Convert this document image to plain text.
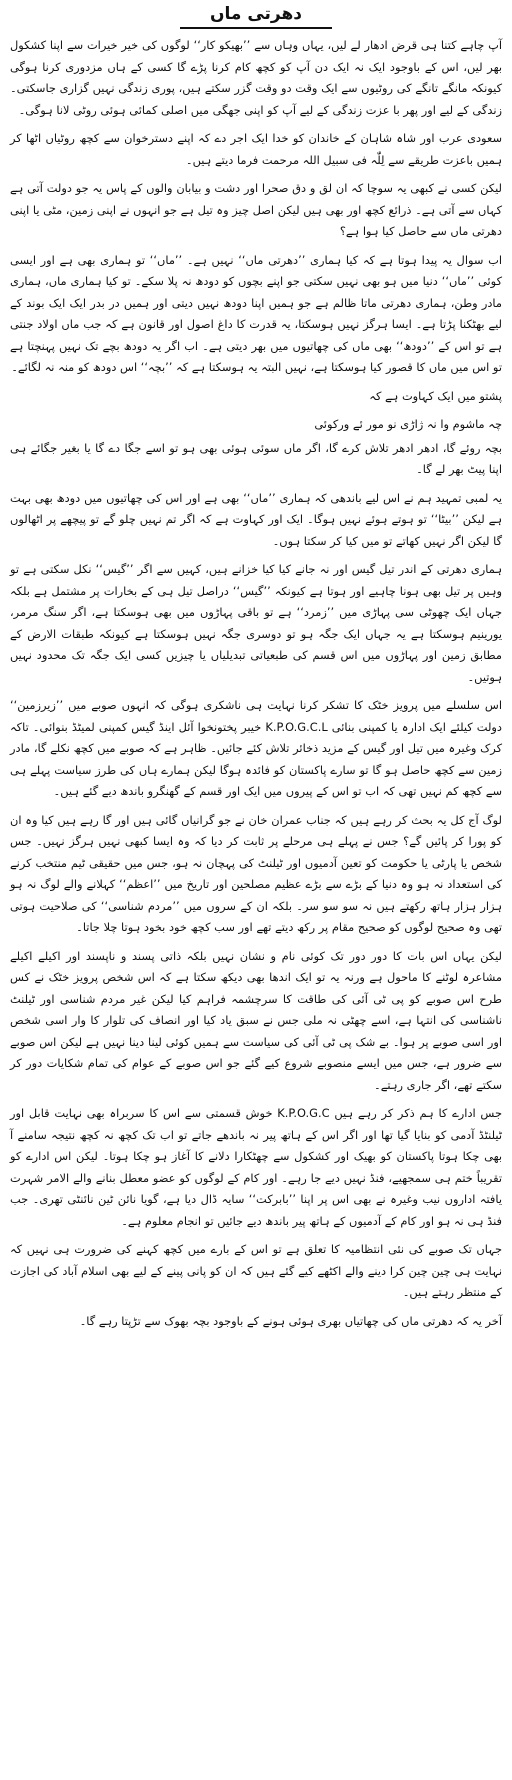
دھرتی ماں

آپ چاہے کتنا ہی قرض ادھار لے لیں، یہاں وہاں سے ’’بھیکو کار‘‘ لوگوں کی خیر خیرات سے اپنا کشکول بھر لیں، اس کے باوجود ایک نہ ایک دن آپ کو کچھ کام کرنا پڑے گا کسی کے ہاں مزدوری کرنا ہوگی کیونکہ مانگے تانگے کی روٹیوں سے ایک وقت دو وقت گزر سکتے ہیں، پوری زندگی نہیں گزاری جاسکتی۔ زندگی کے لیے اور پھر با عزت زندگی کے لیے آپ کو اپنی جھگی میں اصلی کمائی ہوئی روٹی لانا ہوگی۔

سعودی عرب اور شاہ شاہان کے خاندان کو خدا ایک اجر دے کہ اپنے دسترخوان سے کچھ روٹیاں اٹھا کر ہمیں باعزت طریقے سے لِلّٰہ فی سبیل اللہ مرحمت فرما دیتے ہیں۔

لیکن کسی نے کبھی یہ سوچا کہ ان لق و دق صحرا اور دشت و بیابان والوں کے پاس یہ جو دولت آتی ہے کہاں سے آتی ہے۔ ذرائع کچھ اور بھی ہیں لیکن اصل چیز وہ تیل ہے جو انہوں نے اپنی زمین، مٹی یا اپنی دھرتی ماں سے حاصل کیا ہوا ہے؟

اب سوال یہ پیدا ہوتا ہے کہ کیا ہماری ’’دھرتی ماں‘‘ نہیں ہے۔ ’’ماں‘‘ تو ہماری بھی ہے اور ایسی کوئی ’’ماں‘‘ دنیا میں ہو بھی نہیں سکتی جو اپنے بچوں کو دودھ نہ پلا سکے۔ تو کیا ہماری ماں، ہماری مادر وطن، ہماری دھرتی ماتا ظالم ہے جو ہمیں اپنا دودھ نہیں دیتی اور ہمیں در بدر ایک ایک بوند کے لیے بھٹکنا پڑتا ہے۔ ایسا ہرگز نہیں ہوسکتا، یہ قدرت کا داغ اصول اور قانون ہے کہ جب ماں اولاد جنتی ہے تو اس کے ’’دودھ‘‘ بھی ماں کی چھاتیوں میں بھر دیتی ہے۔ اب اگر یہ دودھ بچے تک نہیں پہنچتا ہے تو اس میں ماں کا قصور کیا ہوسکتا ہے، نہیں البتہ یہ ہوسکتا ہے کہ ’’بچہ‘‘ اس دودھ کو منہ نہ لگائے۔

پشتو میں ایک کہاوت ہے کہ

چہ ماشوم وا نہ ژاڑی نو مور ئے ورکوئی

بچہ روئے گا، ادھر ادھر تلاش کرے گا، اگر ماں سوئی ہوئی بھی ہو تو اسے جگا دے گا یا بغیر جگائے ہی اپنا پیٹ بھر لے گا۔

یہ لمبی تمہید ہم نے اس لیے باندھی کہ ہماری ’’ماں‘‘ بھی ہے اور اس کی چھاتیوں میں دودھ بھی بہت ہے لیکن ’’بیٹا‘‘ تو ہوتے ہوئے نہیں ہوگا۔ ایک اور کہاوت ہے کہ اگر تم نہیں چلو گے تو پیچھے پر اٹھالوں گا لیکن اگر نہیں کھاتے تو میں کیا کر سکتا ہوں۔

ہماری دھرتی کے اندر تیل گیس اور نہ جانے کیا کیا خزانے ہیں، کہیں سے اگر ’’گیس‘‘ نکل سکتی ہے تو وہیں پر تیل بھی ہونا چاہیے اور ہوتا ہے کیونکہ ’’گیس‘‘ دراصل تیل ہی کے بخارات پر مشتمل ہے بلکہ جہاں ایک چھوٹی سی پہاڑی میں ’’زمرد‘‘ ہے تو باقی پہاڑوں میں بھی ہوسکتا ہے، اگر سنگ مرمر، یورینیم ہوسکتا ہے یہ جہاں ایک جگہ ہو تو دوسری جگہ نہیں ہوسکتا ہے کیونکہ طبقات الارض کے مطابق زمین اور پہاڑوں میں اس قسم کی طبعیاتی تبدیلیاں یا چیزیں کسی ایک جگہ تک محدود نہیں ہوتیں۔

اس سلسلے میں پرویز خٹک کا تشکر کرنا نہایت ہی ناشکری ہوگی کہ انہوں صوبے میں ’’زیرزمین‘‘ دولت کیلئے ایک ادارہ یا کمپنی بنائی K.P.O.G.C.L خیبر پختونخوا آئل اینڈ گیس کمپنی لمیٹڈ بنوائی۔ تاکہ کرک وغیرہ میں تیل اور گیس کے مزید ذخائر تلاش کئے جائیں۔ ظاہر ہے کہ صوبے میں کچھ نکلے گا، مادر زمین سے کچھ حاصل ہو گا تو سارے پاکستان کو فائدہ ہوگا لیکن ہمارے ہاں کی طرز سیاست پہلے ہی سے کچھ کم نہیں تھی کہ اب تو اس کے پیروں میں ایک اور قسم کے گھنگرو باندھ دیے گئے ہیں۔

لوگ آج کل یہ بحث کر رہے ہیں کہ جناب عمران خان نے جو گرانیاں گائی ہیں اور گا رہے ہیں کیا وہ ان کو پورا کر پائیں گے؟ جس نے پہلے ہی مرحلے پر ثابت کر دیا کہ وہ ایسا کبھی نہیں ہرگز نہیں۔ جس شخص یا پارٹی یا حکومت کو تعین آدمیوں اور ٹیلنٹ کی پہچان نہ ہو، جس میں حقیقی ٹیم منتخب کرنے کی استعداد نہ ہو وہ دنیا کے بڑے سے بڑے عظیم مصلحین اور تاریخ میں ’’اعظم‘‘ کہلانے والے لوگ نہ ہو ہزار ہزار ہاتھ رکھتے ہیں نہ سو سو سر۔ بلکہ ان کے سروں میں ’’مردم شناسی‘‘ کی صلاحیت ہوتی تھی وہ صحیح لوگوں کو صحیح مقام پر رکھ دیتے تھے اور سب کچھ خود بخود ہوتا چلا جاتا۔

لیکن یہاں اس بات کا دور دور تک کوئی نام و نشان نہیں بلکہ ذاتی پسند و ناپسند اور اکیلے اکیلے مشاعرہ لوٹنے کا ماحول ہے ورنہ یہ تو ایک اندھا بھی دیکھ سکتا ہے کہ اس شخص پرویز خٹک نے کس طرح اس صوبے کو پی ٹی آئی کی طاقت کا سرچشمہ فراہم کیا لیکن غیر مردم شناسی اور ٹیلنٹ ناشناسی کی انتہا ہے، اسے چھٹی نہ ملی جس نے سبق یاد کیا اور انصاف کی تلوار کا وار اسی شخص اور اسی صوبے پر ہوا۔ بے شک پی ٹی آئی کی سیاست سے ہمیں کوئی لینا دینا نہیں ہے لیکن اس صوبے سے ضرور ہے، جس میں ایسے منصوبے شروع کیے گئے جو اس صوبے کے عوام کی تمام شکایات دور کر سکتے تھے، اگر جاری رہتے۔

جس ادارے کا ہم ذکر کر رہے ہیں K.P.O.G.C خوش قسمتی سے اس کا سربراہ بھی نہایت قابل اور ٹیلنٹڈ آدمی کو بنایا گیا تھا اور اگر اس کے ہاتھ پیر نہ باندھے جاتے تو اب تک کچھ نہ کچھ نتیجہ سامنے آ بھی چکا ہوتا پاکستان کو بھیک اور کشکول سے چھٹکارا دلانے کا آغاز ہو چکا ہوتا۔ لیکن اس ادارے کو تقریباً ختم ہی سمجھیے، فنڈ نہیں دیے جا رہے۔ اور کام کے لوگوں کو عضو معطل بنانے والے الامر شہرت یافتہ اداروں نیب وغیرہ نے بھی اس پر اپنا ’’بابرکت‘‘ سایہ ڈال دیا ہے، گویا نائن ٹین نائنٹی تھری۔ جب فنڈ ہی نہ ہو اور کام کے آدمیوں کے ہاتھ پیر باندھ دیے جائیں تو انجام معلوم ہے۔

جہاں تک صوبے کی نئی انتظامیہ کا تعلق ہے تو اس کے بارے میں کچھ کہنے کی ضرورت ہی نہیں کہ نہایت ہی چین چین کرا دینے والے اکٹھے کیے گئے ہیں کہ ان کو پانی پینے کے لیے بھی اسلام آباد کی اجازت کے منتظر رہتے ہیں۔

آخر یہ کہ دھرتی ماں کی چھاتیاں بھری ہوئی ہونے کے باوجود بچہ بھوک سے تڑپتا رہے گا۔
